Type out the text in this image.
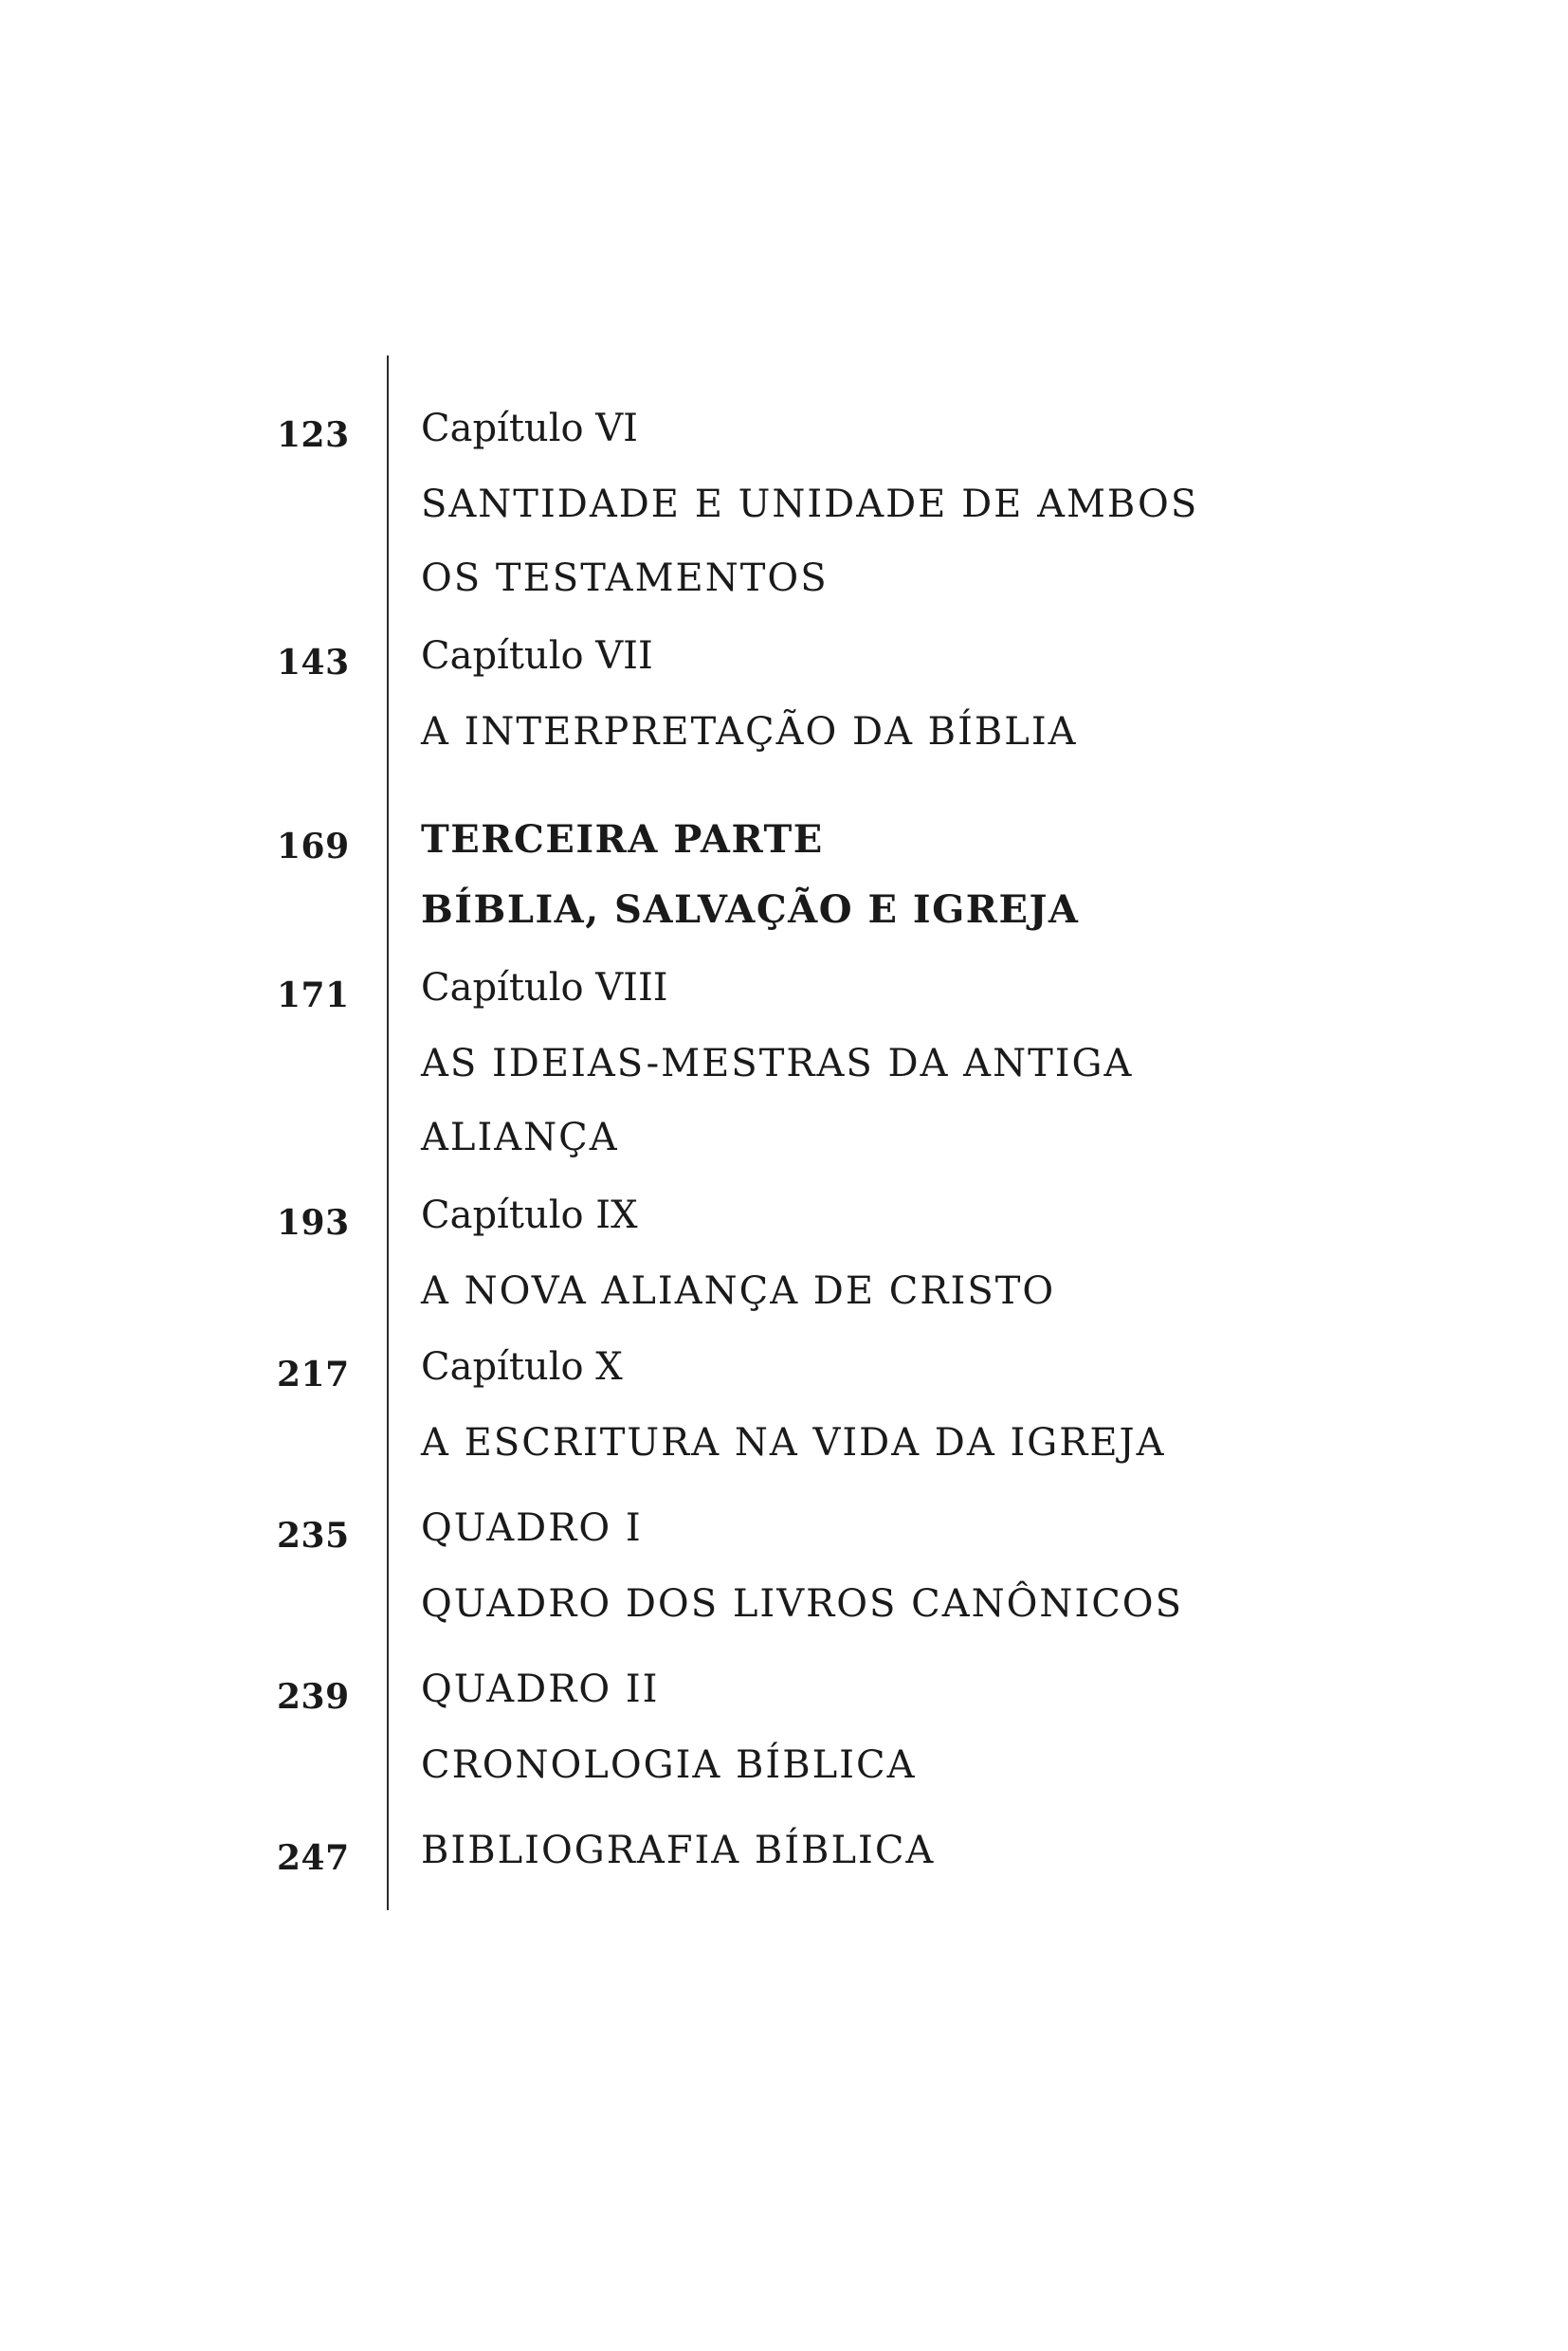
123 Capítulo VI
SANTIDADE E UNIDADE DE AMBOS
OS TESTAMENTOS
143 Capítulo VII
A INTERPRETAÇÃO DA BÍBLIA
169 TERCEIRA PARTE
BÍBLIA, SALVAÇÃO E IGREJA
171 Capítulo VIII
AS IDEIAS-MESTRAS DA ANTIGA
ALIANÇA
193 Capítulo IX
A NOVA ALIANÇA DE CRISTO
217 Capítulo X
A ESCRITURA NA VIDA DA IGREJA
235 QUADRO I
QUADRO DOS LIVROS CANÔNICOS
239 QUADRO II
CRONOLOGIA BÍBLICA
247 BIBLIOGRAFIA BÍBLICA
